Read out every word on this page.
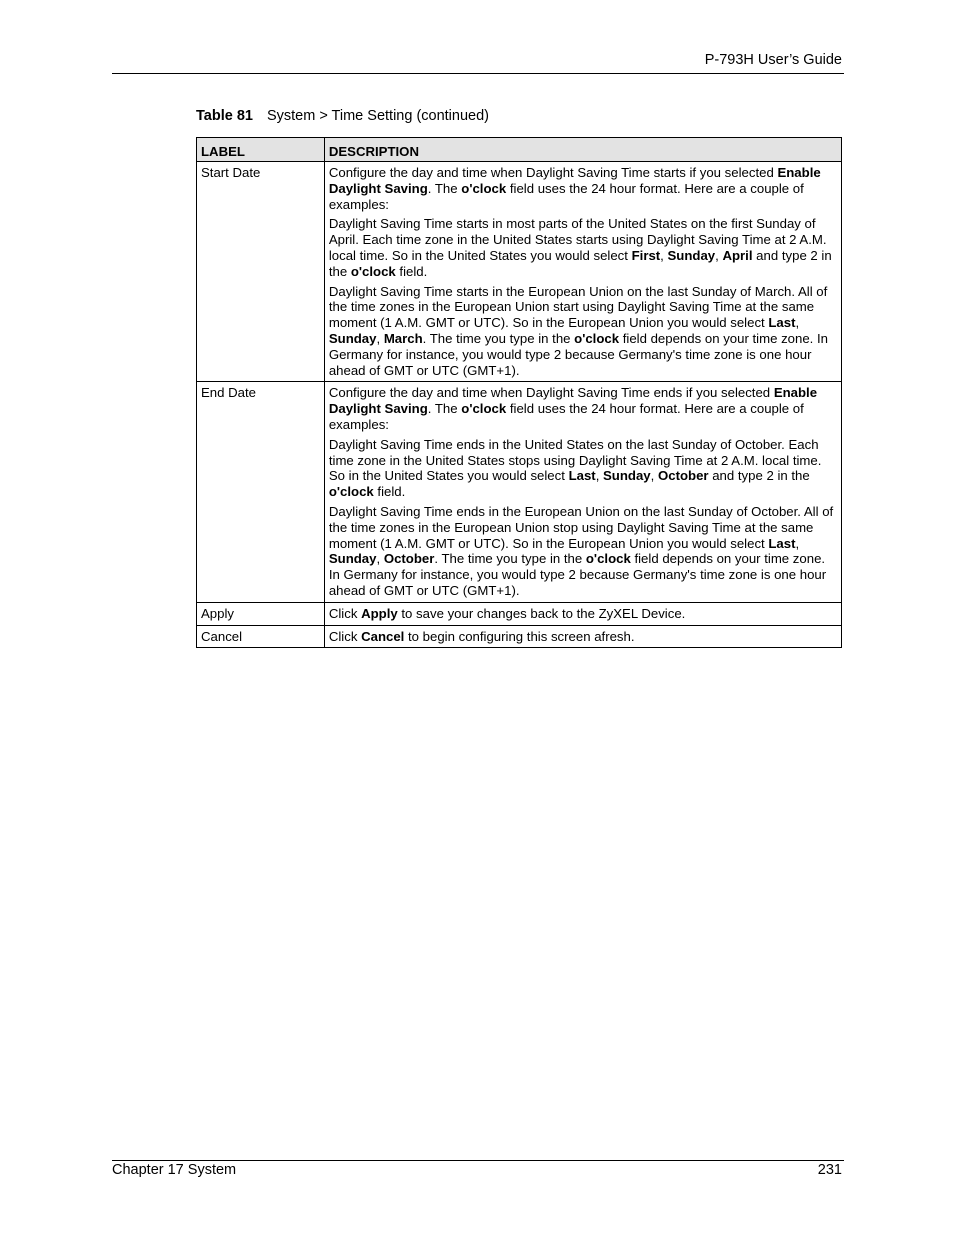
P-793H User’s Guide
Table 81 System > Time Setting (continued)
LABEL	DESCRIPTION
Start Date	Configure the day and time when Daylight Saving Time starts if you selected Enable Daylight Saving. The o'clock field uses the 24 hour format. Here are a couple of examples:
Daylight Saving Time starts in most parts of the United States on the first Sunday of April. Each time zone in the United States starts using Daylight Saving Time at 2 A.M. local time. So in the United States you would select First, Sunday, April and type 2 in the o'clock field.
Daylight Saving Time starts in the European Union on the last Sunday of March. All of the time zones in the European Union start using Daylight Saving Time at the same moment (1 A.M. GMT or UTC). So in the European Union you would select Last, Sunday, March. The time you type in the o'clock field depends on your time zone. In Germany for instance, you would type 2 because Germany's time zone is one hour ahead of GMT or UTC (GMT+1).

End Date	Configure the day and time when Daylight Saving Time ends if you selected Enable Daylight Saving. The o'clock field uses the 24 hour format. Here are a couple of examples:
Daylight Saving Time ends in the United States on the last Sunday of October. Each time zone in the United States stops using Daylight Saving Time at 2 A.M. local time. So in the United States you would select Last, Sunday, October and type 2 in the o'clock field.
Daylight Saving Time ends in the European Union on the last Sunday of October. All of the time zones in the European Union stop using Daylight Saving Time at the same moment (1 A.M. GMT or UTC). So in the European Union you would select Last, Sunday, October. The time you type in the o'clock field depends on your time zone. In Germany for instance, you would type 2 because Germany's time zone is one hour ahead of GMT or UTC (GMT+1).

Apply	Click Apply to save your changes back to the ZyXEL Device.

Cancel	Click Cancel to begin configuring this screen afresh.
Chapter 17 System	231
